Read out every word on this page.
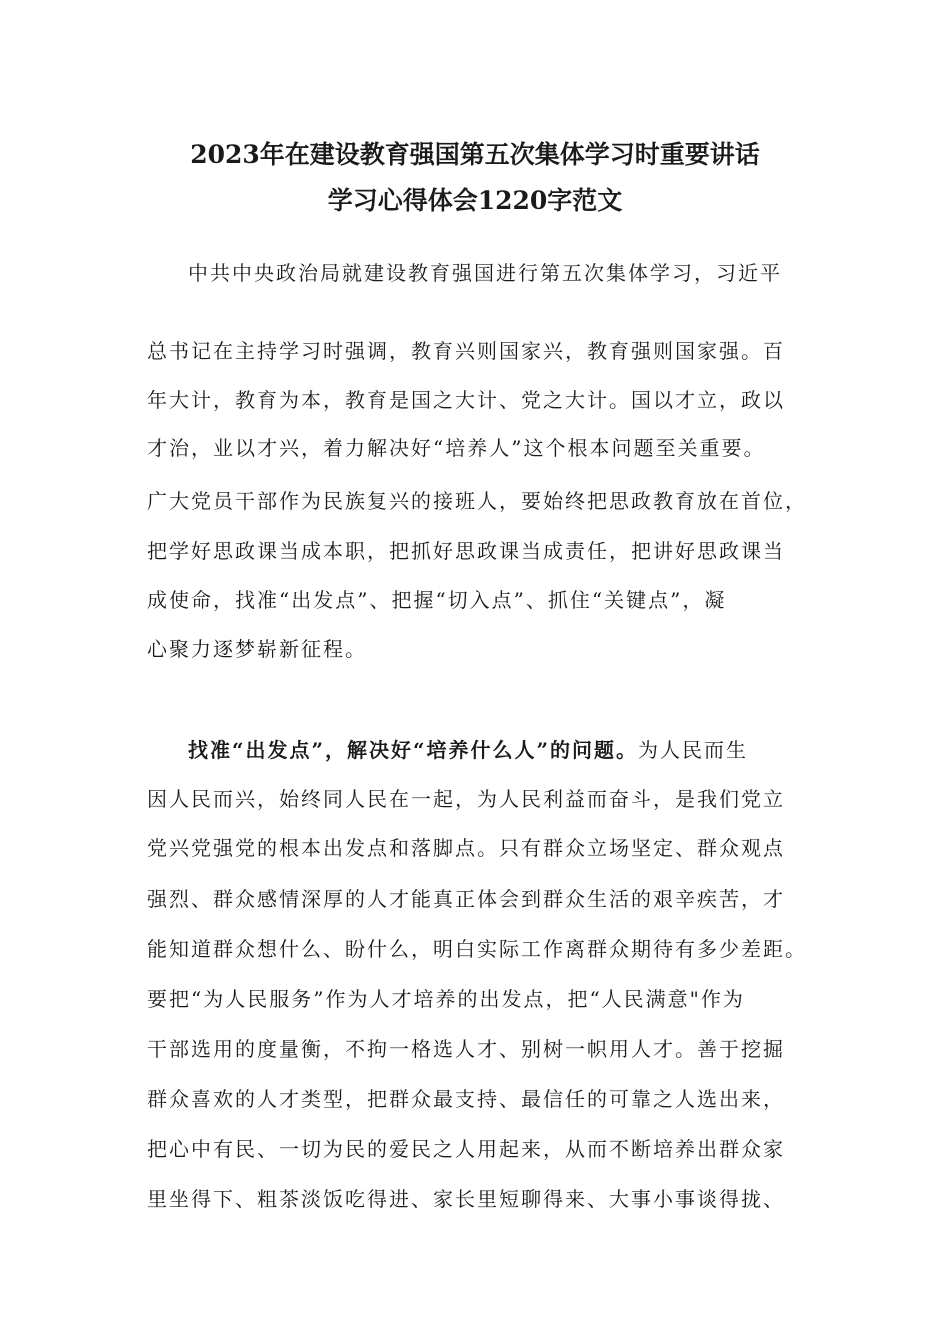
2023年在建设教育强国第五次集体学习时重要讲话
学习心得体会1220字范文
中共中央政治局就建设教育强国进行第五次集体学习，习近平
总书记在主持学习时强调，教育兴则国家兴，教育强则国家强。百
年大计，教育为本，教育是国之大计、党之大计。国以才立，政以
才治，业以才兴，着力解决好“培养人”这个根本问题至关重要。
广大党员干部作为民族复兴的接班人，要始终把思政教育放在首位，
把学好思政课当成本职，把抓好思政课当成责任，把讲好思政课当
成使命，找准“出发点”、把握“切入点”、抓住“关键点”，凝
心聚力逐梦崭新征程。
找准“出发点”，解决好“培养什么人”的问题。为人民而生
因人民而兴，始终同人民在一起，为人民利益而奋斗，是我们党立
党兴党强党的根本出发点和落脚点。只有群众立场坚定、群众观点
强烈、群众感情深厚的人才能真正体会到群众生活的艰辛疾苦，才
能知道群众想什么、盼什么，明白实际工作离群众期待有多少差距。
要把“为人民服务”作为人才培养的出发点，把“人民满意"作为
干部选用的度量衡，不拘一格选人才、别树一帜用人才。善于挖掘
群众喜欢的人才类型，把群众最支持、最信任的可靠之人选出来，
把心中有民、一切为民的爱民之人用起来，从而不断培养出群众家
里坐得下、粗茶淡饭吃得进、家长里短聊得来、大事小事谈得拢、
